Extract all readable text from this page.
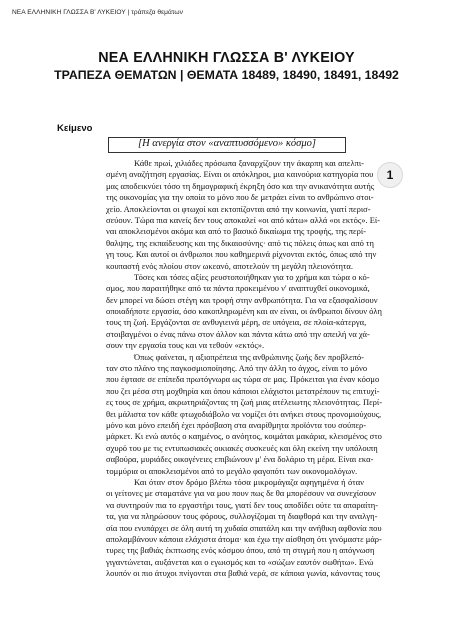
ΝΕΑ ΕΛΛΗΝΙΚΗ ΓΛΩΣΣΑ Β' ΛΥΚΕΙΟΥ | τράπεζα θεμάτων
ΝΕΑ ΕΛΛΗΝΙΚΗ ΓΛΩΣΣΑ Β' ΛΥΚΕΙΟΥ
ΤΡΑΠΕΖΑ ΘΕΜΑΤΩΝ | ΘΕΜΑΤΑ 18489, 18490, 18491, 18492
Κείμενο
[Η ανεργία στον «αναπτυσσόμενο» κόσμο]
1
Κάθε πρωί, χιλιάδες πρόσωπα ξαναρχίζουν την άκαρπη και απελπι-
σμένη αναζήτηση εργασίας. Είναι οι απόκληροι, μια καινούρια κατηγορία που
μας αποδεικνύει τόσο τη δημογραφική έκρηξη όσο και την ανικανότητα αυτής
της οικονομίας για την οποία το μόνο που δε μετράει είναι το ανθρώπινο στοι-
χείο. Αποκλείονται οι φτωχοί και εκτοπίζονται από την κοινωνία, γιατί περισ-
σεύουν. Τώρα πια κανείς δεν τους αποκαλεί «οι από κάτω» αλλά «οι εκτός». Εί-
ναι αποκλεισμένοι ακόμα και από το βασικό δικαίωμα της τροφής, της περί-
θαλψης, της εκπαίδευσης και της δικαιοσύνης· από τις πόλεις όπως και από τη
γη τους. Και αυτοί οι άνθρωποι που καθημερινά ρίχνονται εκτός, όπως από την
κουπαστή ενός πλοίου στον ωκεανό, αποτελούν τη μεγάλη πλειονότητα.
Τόσες και τόσες αξίες ρευστοποιήθηκαν για το χρήμα και τώρα ο κό-
σμος, που παραιτήθηκε από τα πάντα προκειμένου ν' αναπτυχθεί οικονομικά,
δεν μπορεί να δώσει στέγη και τροφή στην ανθρωπότητα. Για να εξασφαλίσουν
οποιαδήποτε εργασία, όσο κακοπληρωμένη και αν είναι, οι άνθρωποι δίνουν όλη
τους τη ζωή. Εργάζονται σε ανθυγιεινά μέρη, σε υπόγεια, σε πλοία-κάτεργα,
στοιβαγμένοι ο ένας πάνω στον άλλον και πάντα κάτω από την απειλή να χά-
σουν την εργασία τους και να τεθούν «εκτός».
Όπως φαίνεται, η αξιοπρέπεια της ανθρώπινης ζωής δεν προβλεπό-
ταν στο πλάνο της παγκοσμιοποίησης. Από την άλλη το άγχος, είναι το μόνο
που έφτασε σε επίπεδα πρωτόγνωρα ως τώρα σε μας. Πρόκειται για έναν κόσμο
που ζει μέσα στη μοχθηρία και όπου κάποιοι ελάχιστοι μετατρέπουν τις επιτυχί-
ες τους σε χρήμα, ακρωτηριάζοντας τη ζωή μιας ατέλειωτης πλειονότητας. Περί-
θει μάλιστα τον κάθε φτωχοδιάβολο να νομίζει ότι ανήκει στους προνομιούχους,
μόνο και μόνο επειδή έχει πρόσβαση στα αναρίθμητα προϊόντα του σούπερ-
μάρκετ. Κι ενώ αυτός ο καημένος, ο ανόητος, κοιμάται μακάρια, κλεισμένος στο
σχυρό του με τις εντυπωσιακές οικιακές συσκευές και όλη εκείνη την υπόλοιπη
σαβούρα, μυριάδες οικογένειες επιβιώνουν μ' ένα δολάριο τη μέρα. Είναι εκα-
τομμύρια οι αποκλεισμένοι από το μεγάλο φαγοπότι των οικονομολόγων.
Και όταν στον δρόμο βλέπω τόσα μικρομάγαζα αφηγημένα ή όταν
οι γείτονες με σταματάνε για να μου πουν πως δε θα μπορέσουν να συνεχίσουν
να συντηρούν πια το εργαστήρι τους, γιατί δεν τους αποδίδει ούτε τα απαραίτη-
τα, για να πληρώσουν τους φόρους, συλλογίζομαι τη διαφθορά και την αναλγη-
σία που ενυπάρχει σε όλη αυτή τη χυδαία σπατάλη και την ανήθικη αφθονία που
απολαμβάνουν κάποια ελάχιστα άτομα· και έχω την αίσθηση ότι γινόμαστε μάρ-
τυρες της βαθιάς έκπτωσης ενός κόσμου όπου, από τη στιγμή που η απόγνωση
γιγαντώνεται, αυξάνεται και ο εγωισμός και το «σώζων εαυτόν σωθήτω». Ενώ
λουπόν οι πιο άτυχοι πνίγονται στα βαθιά νερά, σε κάποια γωνία, κάνοντας τους
